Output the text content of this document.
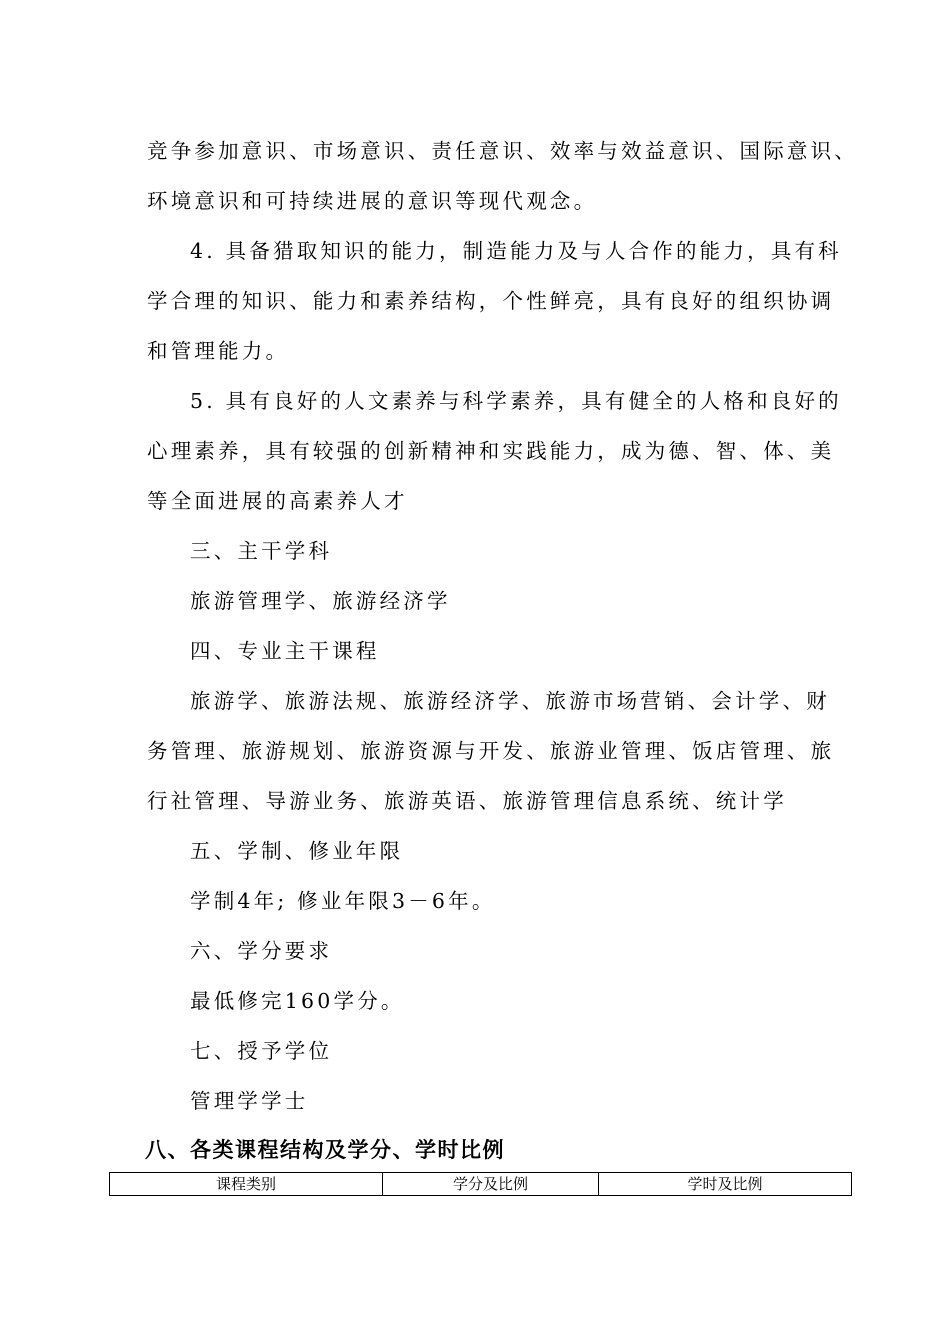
竞争参加意识、市场意识、责任意识、效率与效益意识、国际意识、
环境意识和可持续进展的意识等现代观念。
4. 具备猎取知识的能力，制造能力及与人合作的能力，具有科
学合理的知识、能力和素养结构，个性鲜亮，具有良好的组织协调
和管理能力。
5. 具有良好的人文素养与科学素养，具有健全的人格和良好的
心理素养，具有较强的创新精神和实践能力，成为德、智、体、美
等全面进展的高素养人才
三、主干学科
旅游管理学、旅游经济学
四、专业主干课程
旅游学、旅游法规、旅游经济学、旅游市场营销、会计学、财
务管理、旅游规划、旅游资源与开发、旅游业管理、饭店管理、旅
行社管理、导游业务、旅游英语、旅游管理信息系统、统计学
五、学制、修业年限
学制4年; 修业年限3－6年。
六、学分要求
最低修完160学分。
七、授予学位
管理学学士
八、各类课程结构及学分、学时比例
课程类别	学分及比例	学时及比例
